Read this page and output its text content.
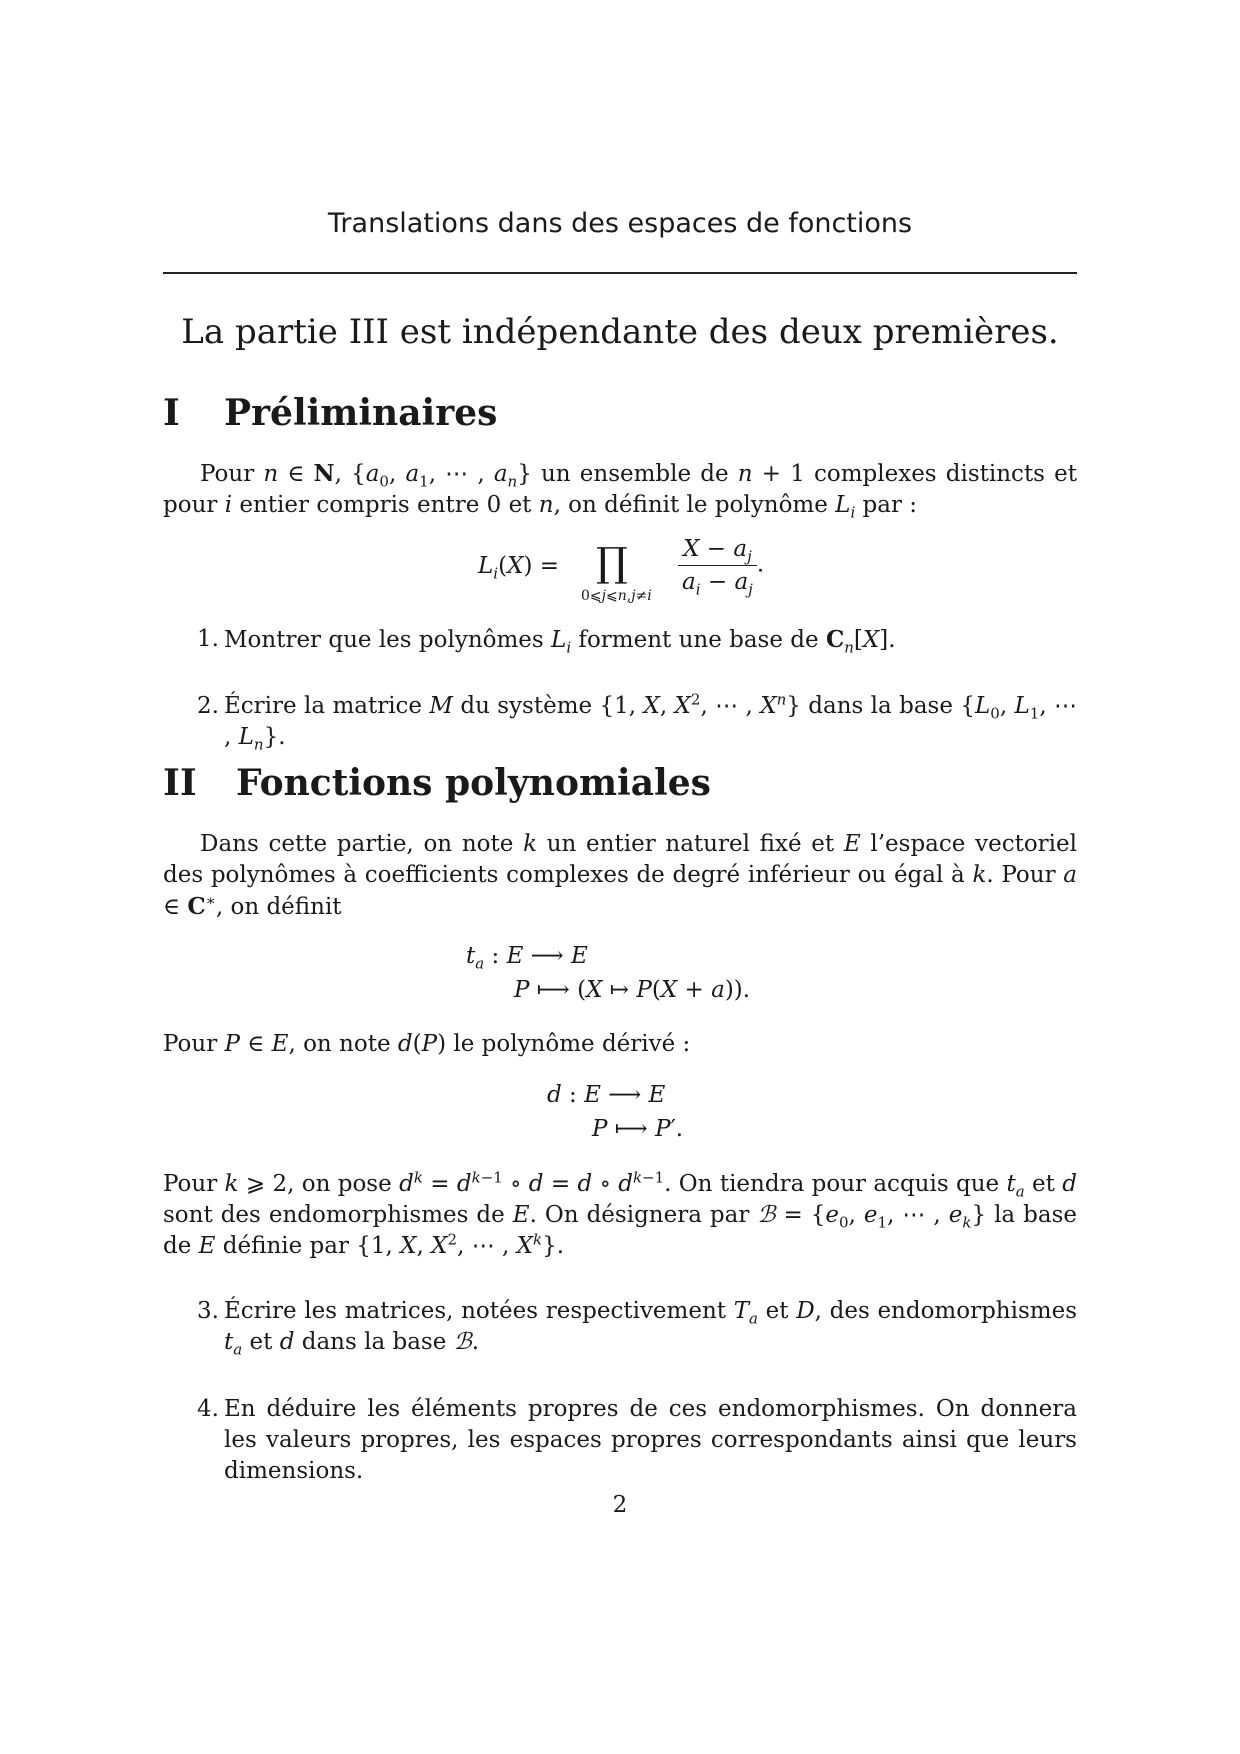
Translations dans des espaces de fonctions
La partie III est indépendante des deux premières.
I Préliminaires
Pour n ∈ N, {$a_0$, $a_1$, ⋯ , $a_n$} un ensemble de n + 1 complexes distincts et pour i entier compris entre 0 et n, on définit le polynôme $L_i$ par :
$L_i(X)$ = ∏
0⩽j⩽n,j≠i
$\frac{X - a_j}{a_i - a_j}$ .
1. Montrer que les polynômes $L_i$ forment une base de $C_n[X]$.
2. Écrire la matrice M du système {1, X, $X^2$, ⋯ , $X^n$} dans la base {$L_0$, $L_1$, ⋯ , $L_n$}.
II Fonctions polynomiales
Dans cette partie, on note k un entier naturel fixé et E l’espace vectoriel des polynômes à coefficients complexes de degré inférieur ou égal à k. Pour a ∈ C∗, on définit
$t_a$ : E ⟶ E
P ⟼ (X ↦ P(X + a)).
Pour P ∈ E, on note d(P) le polynôme dérivé :
d : E ⟶ E
P ⟼ P′.
Pour k ⩾ 2, on pose $d^k = d^{k-1}$ ∘ d = d ∘ $d^{k-1}$. On tiendra pour acquis que $t_a$ et d sont des endomorphismes de E. On désignera par ℬ = {$e_0$, $e_1$, ⋯ , $e_k$} la base de E définie par {1, X, $X^2$, ⋯ , $X^k$}.
3. Écrire les matrices, notées respectivement $T_a$ et D, des endomorphismes $t_a$ et d dans la base ℬ.
4. En déduire les éléments propres de ces endomorphismes. On donnera les valeurs propres, les espaces propres correspondants ainsi que leurs dimensions.
2
